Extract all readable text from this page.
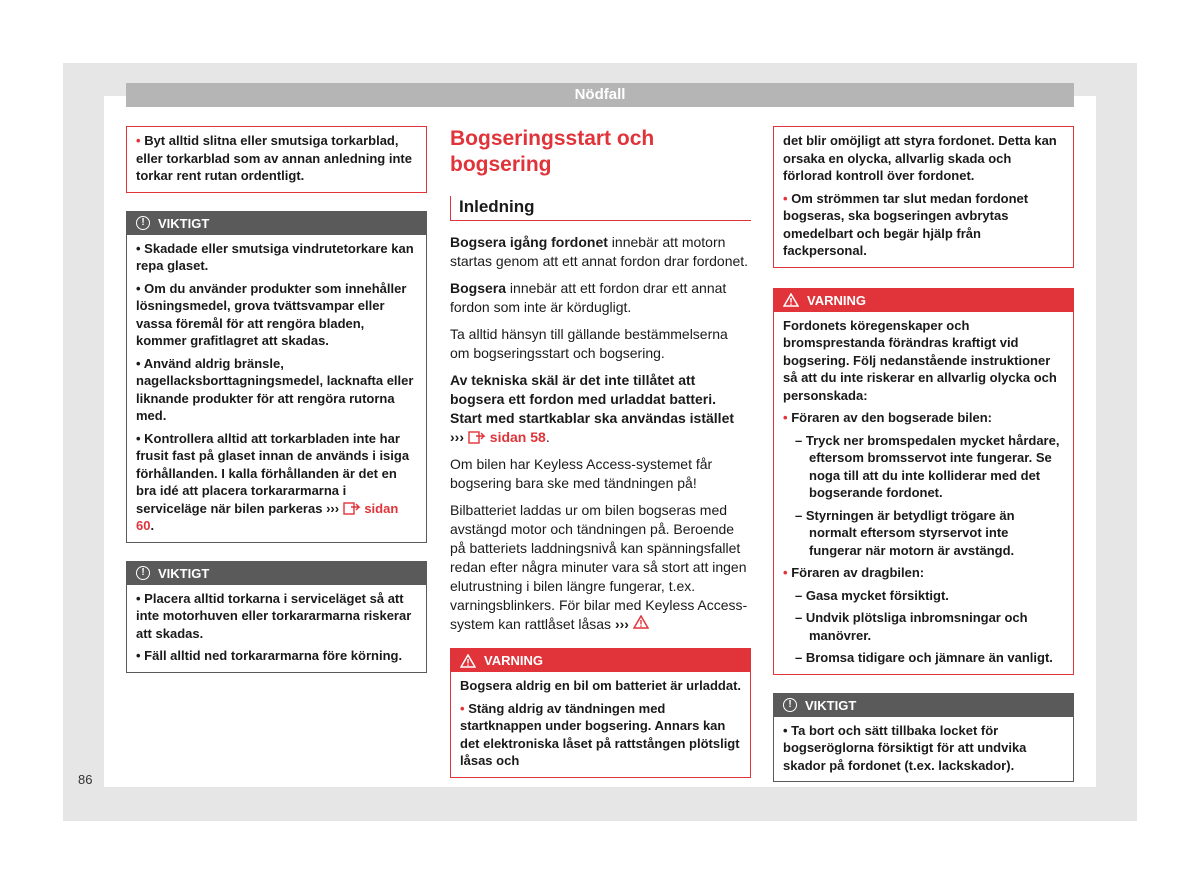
Nödfall

• Byt alltid slitna eller smutsiga torkarblad, eller torkarblad som av annan anledning inte torkar rent rutan ordentligt.

!	VIKTIGT

• Skadade eller smutsiga vindrutetorkare kan repa glaset.

• Om du använder produkter som innehåller lösningsmedel, grova tvättsvampar eller vassa föremål för att rengöra bladen, kommer grafitlagret att skadas.

• Använd aldrig bränsle, nagellacksborttagningsmedel, lacknafta eller liknande produkter för att rengöra rutorna med.

• Kontrollera alltid att torkarbladen inte har frusit fast på glaset innan de används i isiga förhållanden. I kalla förhållanden är det en bra idé att placera torkararmarna i serviceläge när bilen parkeras ››› sidan 60.

!	VIKTIGT

• Placera alltid torkarna i serviceläget så att inte motorhuven eller torkararmarna riskerar att skadas.

• Fäll alltid ned torkararmarna före körning.

Bogseringsstart och bogsering
Inledning

Bogsera igång fordonet innebär att motorn startas genom att ett annat fordon drar fordonet.

Bogsera innebär att ett fordon drar ett annat fordon som inte är kördugligt.

Ta alltid hänsyn till gällande bestämmelserna om bogseringsstart och bogsering.

Av tekniska skäl är det inte tillåtet att bogsera ett fordon med urladdat batteri. Start med startkablar ska användas istället ››› sidan 58.

Om bilen har Keyless Access-systemet får bogsering bara ske med tändningen på!

Bilbatteriet laddas ur om bilen bogseras med avstängd motor och tändningen på. Beroende på batteriets laddningsnivå kan spänningsfallet redan efter några minuter vara så stort att ingen elutrustning i bilen längre fungerar, t.ex. varningsblinkers. För bilar med Keyless Access-system kan rattlåset låsas ›››

VARNING

Bogsera aldrig en bil om batteriet är urladdat.

• Stäng aldrig av tändningen med startknappen under bogsering. Annars kan det elektroniska låset på rattstången plötsligt låsas och

det blir omöjligt att styra fordonet. Detta kan orsaka en olycka, allvarlig skada och förlorad kontroll över fordonet.

• Om strömmen tar slut medan fordonet bogseras, ska bogseringen avbrytas omedelbart och begär hjälp från fackpersonal.

VARNING

Fordonets köregenskaper och bromsprestanda förändras kraftigt vid bogsering. Följ nedanstående instruktioner så att du inte riskerar en allvarlig olycka och personskada:

• Föraren av den bogserade bilen:

– Tryck ner bromspedalen mycket hårdare, eftersom bromsservot inte fungerar. Se noga till att du inte kolliderar med det bogserande fordonet.

– Styrningen är betydligt trögare än normalt eftersom styrservot inte fungerar när motorn är avstängd.

• Föraren av dragbilen:

– Gasa mycket försiktigt.

– Undvik plötsliga inbromsningar och manövrer.

– Bromsa tidigare och jämnare än vanligt.

!	VIKTIGT

• Ta bort och sätt tillbaka locket för bogseröglorna försiktigt för att undvika skador på fordonet (t.ex. lackskador).

86
